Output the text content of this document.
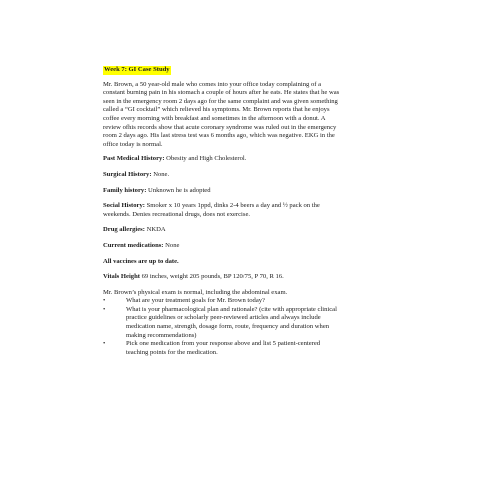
Week 7: GI Case Study

Mr. Brown, a 50 year-old male who comes into your office today complaining of a constant burning pain in his stomach a couple of hours after he eats. He states that he was seen in the emergency room 2 days ago for the same complaint and was given something called a “GI cocktail” which relieved his symptoms. Mr. Brown reports that he enjoys coffee every morning with breakfast and sometimes in the afternoon with a donut. A review ofhis records show that acute coronary syndrome was ruled out in the emergency room 2 days ago. His last stress test was 6 months ago, which was negative. EKG in the office today is normal.

Past Medical History: Obesity and High Cholesterol.

Surgical History: None.

Family history: Unknown he is adopted

Social History: Smoker x 10 years 1ppd, dinks 2-4 beers a day and ½ pack on the weekends. Denies recreational drugs, does not exercise.

Drug allergies: NKDA

Current medications: None

All vaccines are up to date.

Vitals Height 69 inches, weight 205 pounds, BP 120/75, P 70, R 16.

Mr. Brown’s physical exam is normal, including the abdominal exam.

•	What are your treatment goals for Mr. Brown today?
•	What is your pharmacological plan and rationale? (cite with appropriate clinical practice guidelines or scholarly peer-reviewed articles and always include medication name, strength, dosage form, route, frequency and duration when making recommendations)
•	Pick one medication from your response above and list 5 patient-centered teaching points for the medication.
